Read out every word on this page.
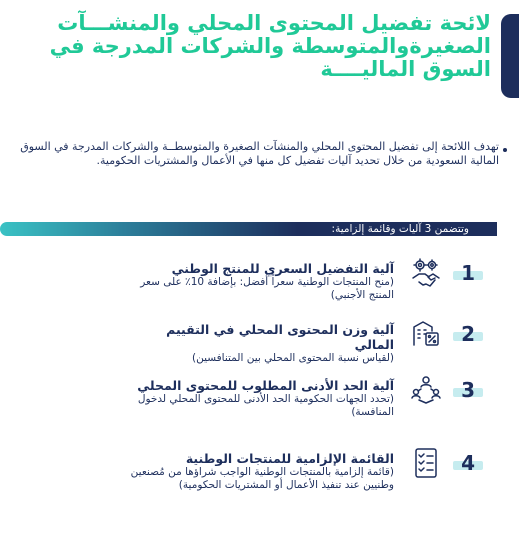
لائحة تفضيل المحتوى المحلي والمنشـــآت الصغيرةوالمتوسطة والشركات المدرجة في السوق الماليــــة

تهدف اللائحة إلى تفضيل المحتوى المحلي والمنشآت الصغيرة والمتوسطــة والشركات المدرجة في السوق المالية السعودية من خلال تحديد آليات تفضيل كل منها في الأعمال والمشتريات الحكومية.

وتتضمن 3 آليات وقائمة إلزامية:
1
آلية التفضيل السعري للمنتج الوطني
(منح المنتجات الوطنية سعراً أفضل: بإضافة 10٪ على سعر المنتج الأجنبي)
2
آلية وزن المحتوى المحلي في التقييم المالي
(لقياس نسبة المحتوى المحلي بين المتنافسين)
3
آلية الحد الأدنى المطلوب للمحتوى المحلي
(تحدد الجهات الحكومية الحد الأدنى للمحتوى المحلي لدخول المنافسة)
4
القائمة الإلزامية للمنتجات الوطنية
(قائمة إلزامية بالمنتجات الوطنية الواجب شراؤها من مُصنعين وطنيين عند تنفيذ الأعمال أو المشتريات الحكومية)
